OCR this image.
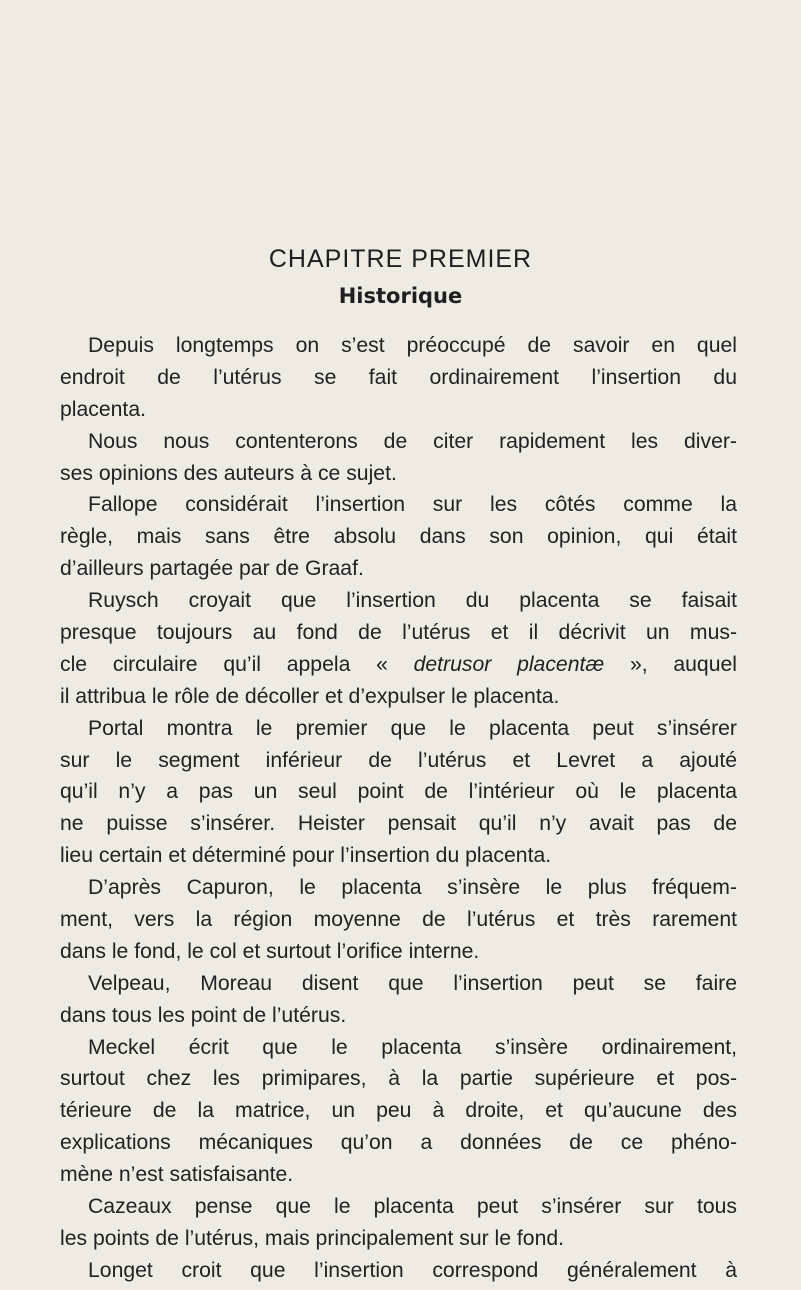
CHAPITRE PREMIER
Historique
Depuis longtemps on s’est préoccupé de savoir en quel
endroit de l’utérus se fait ordinairement l’insertion du
placenta.
Nous nous contenterons de citer rapidement les diver-
ses opinions des auteurs à ce sujet.
Fallope considérait l’insertion sur les côtés comme la
règle, mais sans être absolu dans son opinion, qui était
d’ailleurs partagée par de Graaf.
Ruysch croyait que l’insertion du placenta se faisait
presque toujours au fond de l’utérus et il décrivit un mus-
cle circulaire qu’il appela « detrusor placentæ », auquel
il attribua le rôle de décoller et d’expulser le placenta.
Portal montra le premier que le placenta peut s’insérer
sur le segment inférieur de l’utérus et Levret a ajouté
qu’il n’y a pas un seul point de l’intérieur où le placenta
ne puisse s’insérer. Heister pensait qu’il n’y avait pas de
lieu certain et déterminé pour l’insertion du placenta.
D’après Capuron, le placenta s’insère le plus fréquem-
ment, vers la région moyenne de l’utérus et très rarement
dans le fond, le col et surtout l’orifice interne.
Velpeau, Moreau disent que l’insertion peut se faire
dans tous les point de l’utérus.
Meckel écrit que le placenta s’insère ordinairement,
surtout chez les primipares, à la partie supérieure et pos-
térieure de la matrice, un peu à droite, et qu’aucune des
explications mécaniques qu’on a données de ce phéno-
mène n’est satisfaisante.
Cazeaux pense que le placenta peut s’insérer sur tous
les points de l’utérus, mais principalement sur le fond.
Longet croit que l’insertion correspond généralement à
